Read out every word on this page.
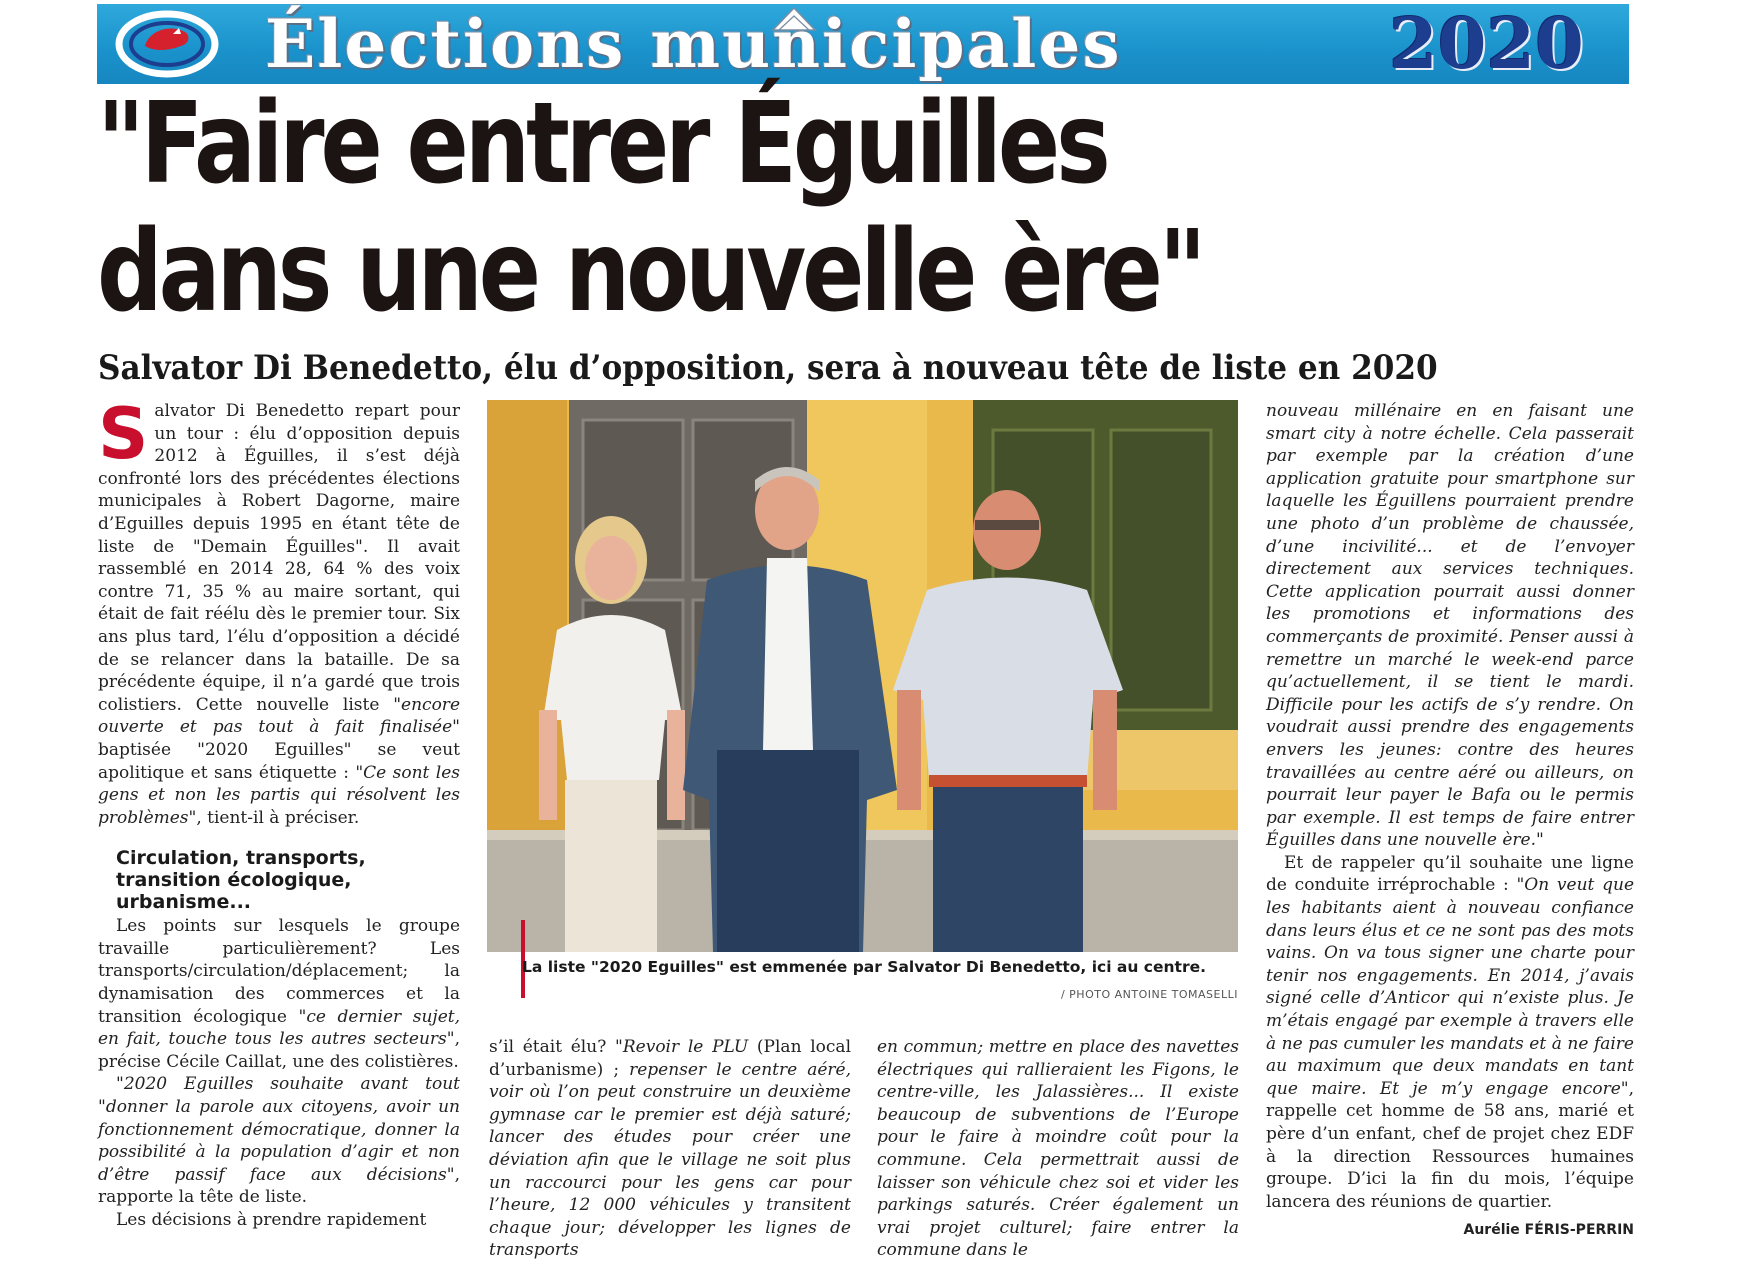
Élections municipales	2020
"Faire entrer Éguilles
dans une nouvelle ère"
Salvator Di Benedetto, élu d’opposition, sera à nouveau tête de liste en 2020

Salvator Di Benedetto repart pour un tour : élu d’opposition depuis 2012 à Éguilles, il s’est déjà confronté lors des précédentes élections municipales à Robert Dagorne, maire d’Eguilles depuis 1995 en étant tête de liste de "Demain Éguilles". Il avait rassemblé en 2014 28, 64 % des voix contre 71, 35 % au maire sortant, qui était de fait réélu dès le premier tour. Six ans plus tard, l’élu d’opposition a décidé de se relancer dans la bataille. De sa précédente équipe, il n’a gardé que trois colistiers. Cette nouvelle liste "encore ouverte et pas tout à fait finalisée" baptisée "2020 Eguilles" se veut apolitique et sans étiquette : "Ce sont les gens et non les partis qui résolvent les problèmes", tient-il à préciser.

Circulation, transports, transition écologique, urbanisme...

Les points sur lesquels le groupe travaille particulièrement? Les transports/circulation/déplacement; la dynamisation des commerces et la transition écologique "ce dernier sujet, en fait, touche tous les autres secteurs", précise Cécile Caillat, une des colistières.

"2020 Eguilles souhaite avant tout "donner la parole aux citoyens, avoir un fonctionnement démocratique, donner la possibilité à la population d’agir et non d’être passif face aux décisions", rapporte la tête de liste.

Les décisions à prendre rapidement

La liste "2020 Eguilles" est emmenée par Salvator Di Benedetto, ici au centre.
/ PHOTO ANTOINE TOMASELLI

s’il était élu? "Revoir le PLU (Plan local d’urbanisme) ; repenser le centre aéré, voir où l’on peut construire un deuxième gymnase car le premier est déjà saturé; lancer des études pour créer une déviation afin que le village ne soit plus un raccourci pour les gens car pour l’heure, 12 000 véhicules y transitent chaque jour; développer les lignes de transports

en commun; mettre en place des navettes électriques qui rallieraient les Figons, le centre-ville, les Jalassières... Il existe beaucoup de subventions de l’Europe pour le faire à moindre coût pour la commune. Cela permettrait aussi de laisser son véhicule chez soi et vider les parkings saturés. Créer également un vrai projet culturel; faire entrer la commune dans le

nouveau millénaire en en faisant une smart city à notre échelle. Cela passerait par exemple par la création d’une application gratuite pour smartphone sur laquelle les Éguillens pourraient prendre une photo d’un problème de chaussée, d’une incivilité... et de l’envoyer directement aux services techniques. Cette application pourrait aussi donner les promotions et informations des commerçants de proximité. Penser aussi à remettre un marché le week-end parce qu’actuellement, il se tient le mardi. Difficile pour les actifs de s’y rendre. On voudrait aussi prendre des engagements envers les jeunes: contre des heures travaillées au centre aéré ou ailleurs, on pourrait leur payer le Bafa ou le permis par exemple. Il est temps de faire entrer Éguilles dans une nouvelle ère."

Et de rappeler qu’il souhaite une ligne de conduite irréprochable : "On veut que les habitants aient à nouveau confiance dans leurs élus et ce ne sont pas des mots vains. On va tous signer une charte pour tenir nos engagements. En 2014, j’avais signé celle d’Anticor qui n’existe plus. Je m’étais engagé par exemple à travers elle à ne pas cumuler les mandats et à ne faire au maximum que deux mandats en tant que maire. Et je m’y engage encore", rappelle cet homme de 58 ans, marié et père d’un enfant, chef de projet chez EDF à la direction Ressources humaines groupe. D’ici la fin du mois, l’équipe lancera des réunions de quartier.

Aurélie FÉRIS-PERRIN
